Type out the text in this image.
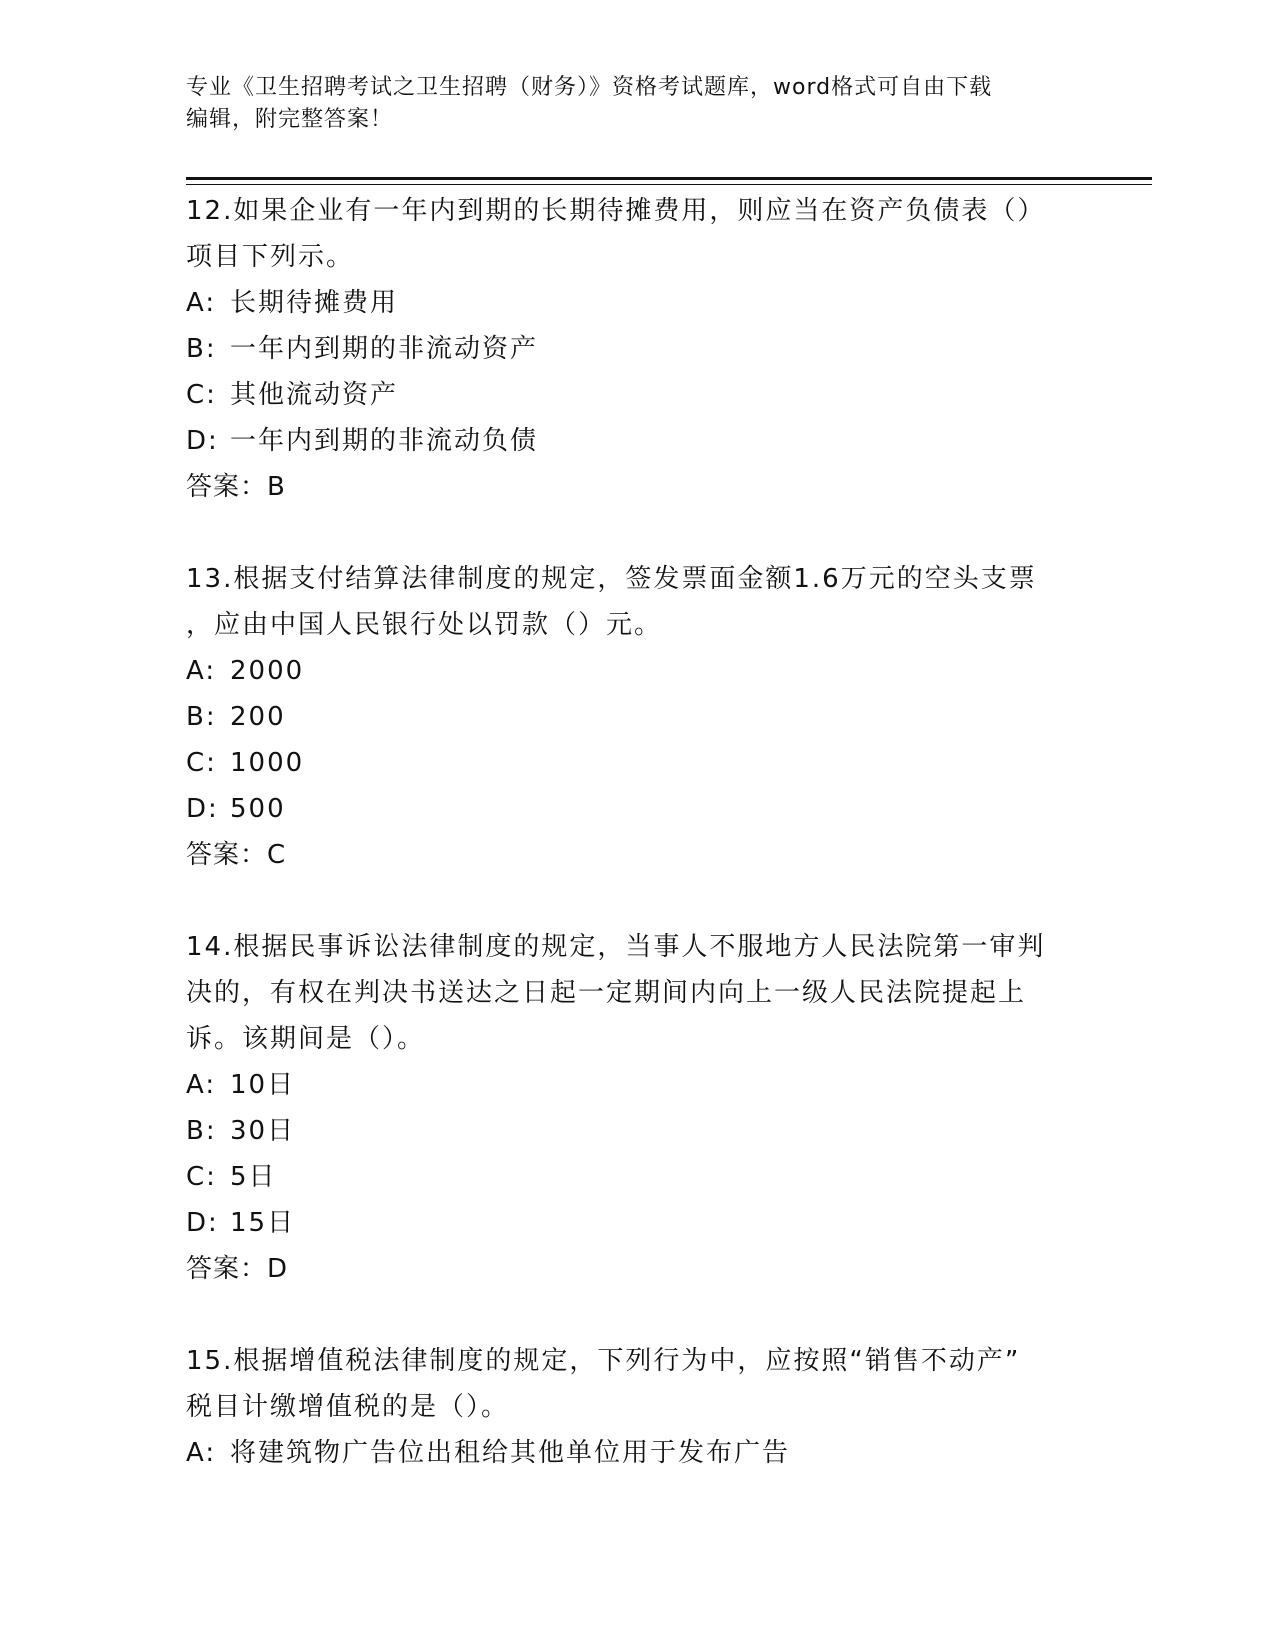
专业《卫生招聘考试之卫生招聘（财务）》资格考试题库，word格式可自由下载
编辑，附完整答案！

12.如果企业有一年内到期的长期待摊费用，则应当在资产负债表（）
项目下列示。

A: 长期待摊费用

B: 一年内到期的非流动资产

C: 其他流动资产

D: 一年内到期的非流动负债

答案：B

13.根据支付结算法律制度的规定，签发票面金额1.6万元的空头支票
，应由中国人民银行处以罚款（）元。

A: 2000

B: 200

C: 1000

D: 500

答案：C

14.根据民事诉讼法律制度的规定，当事人不服地方人民法院第一审判
决的，有权在判决书送达之日起一定期间内向上一级人民法院提起上
诉。该期间是（）。

A: 10日

B: 30日

C: 5日

D: 15日

答案：D

15.根据增值税法律制度的规定，下列行为中，应按照“销售不动产”
税目计缴增值税的是（）。

A: 将建筑物广告位出租给其他单位用于发布广告
